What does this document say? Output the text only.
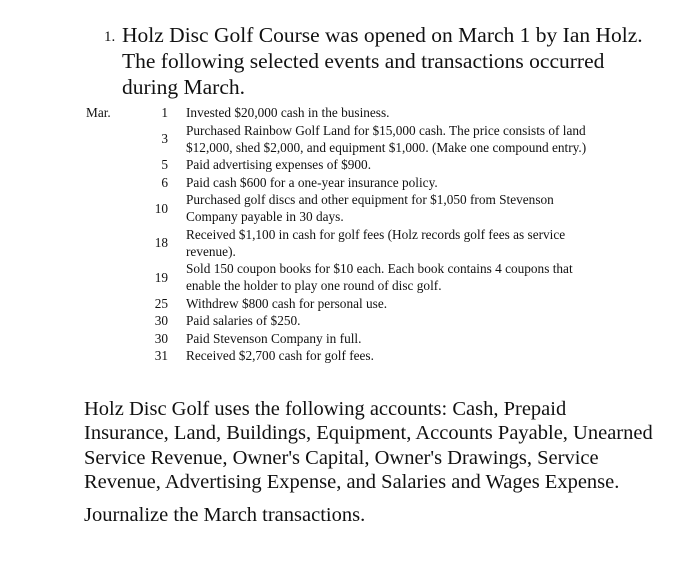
1. Holz Disc Golf Course was opened on March 1 by Ian Holz. The following selected events and transactions occurred during March.
Mar.	1	Invested $20,000 cash in the business.
	3	Purchased Rainbow Golf Land for $15,000 cash. The price consists of land $12,000, shed $2,000, and equipment $1,000. (Make one compound entry.)
	5	Paid advertising expenses of $900.
	6	Paid cash $600 for a one-year insurance policy.
	10	Purchased golf discs and other equipment for $1,050 from Stevenson Company payable in 30 days.
	18	Received $1,100 in cash for golf fees (Holz records golf fees as service revenue).
	19	Sold 150 coupon books for $10 each. Each book contains 4 coupons that enable the holder to play one round of disc golf.
	25	Withdrew $800 cash for personal use.
	30	Paid salaries of $250.
	30	Paid Stevenson Company in full.
	31	Received $2,700 cash for golf fees.

Holz Disc Golf uses the following accounts: Cash, Prepaid Insurance, Land, Buildings, Equipment, Accounts Payable, Unearned Service Revenue, Owner's Capital, Owner's Drawings, Service Revenue, Advertising Expense, and Salaries and Wages Expense.

Journalize the March transactions.
